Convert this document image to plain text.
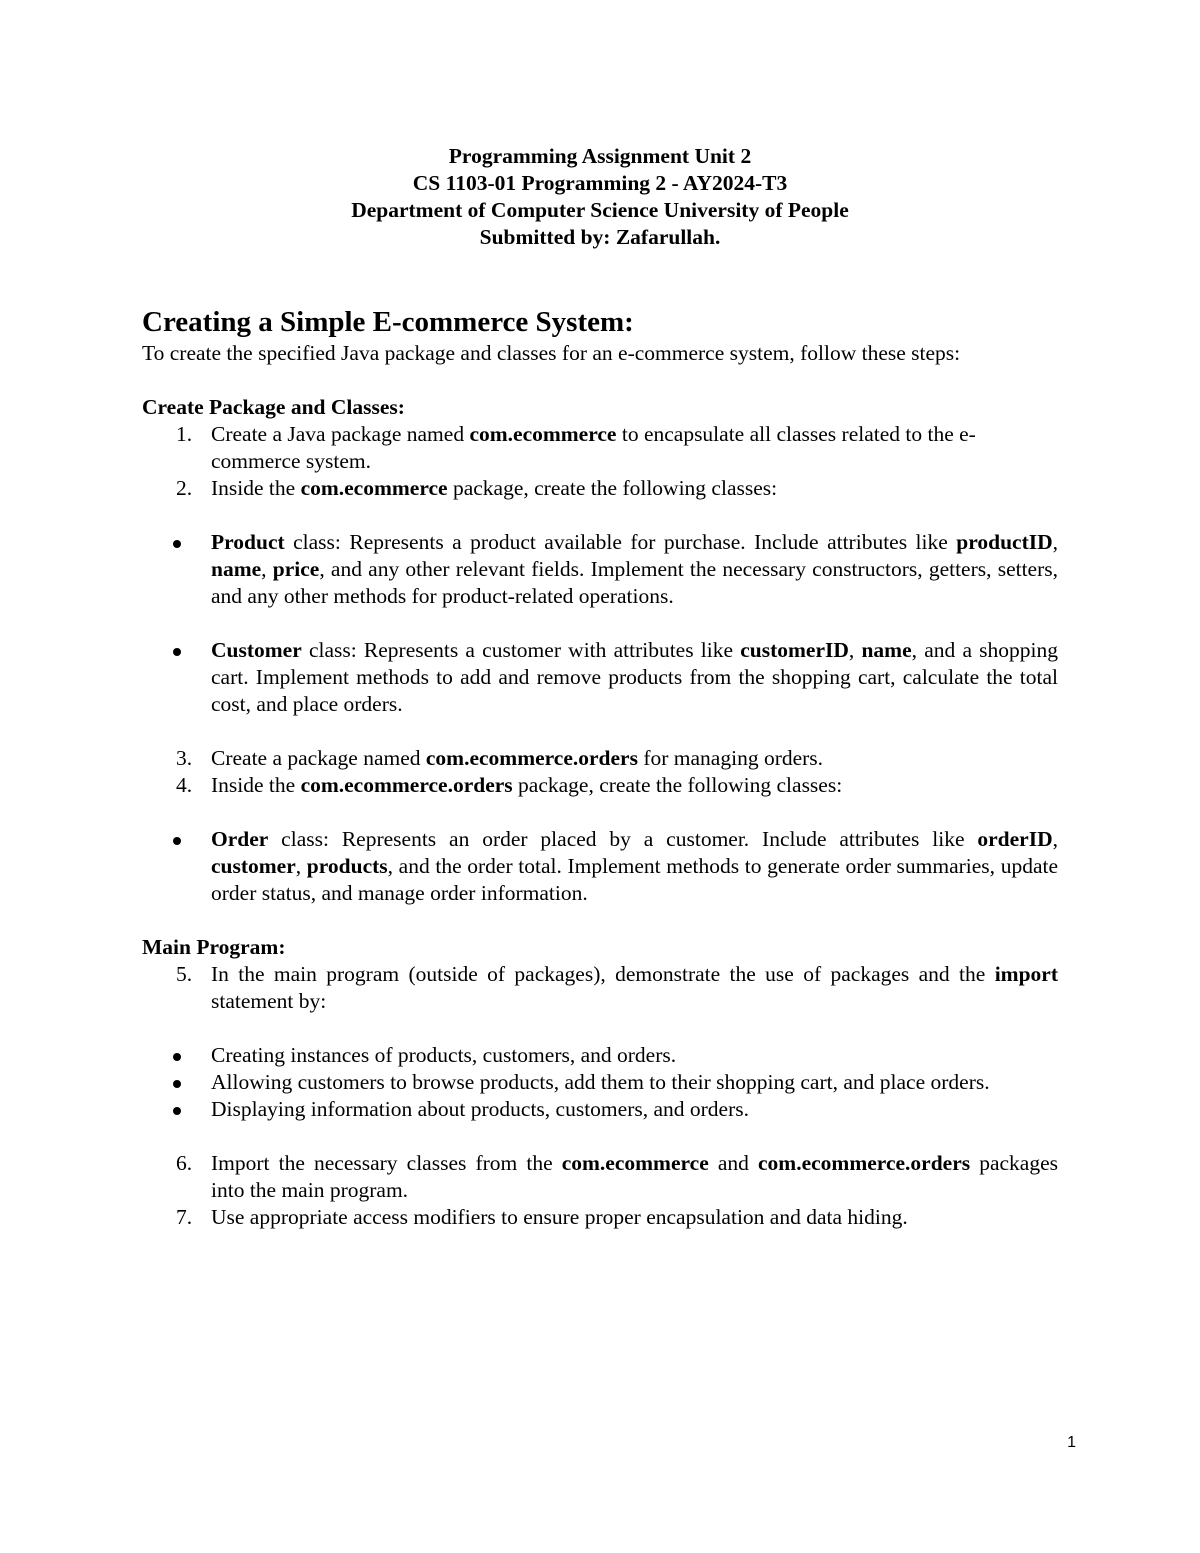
Programming Assignment Unit 2
CS 1103-01 Programming 2 - AY2024-T3
Department of Computer Science University of People
Submitted by: Zafarullah.

Creating a Simple E-commerce System:

To create the specified Java package and classes for an e-commerce system, follow these steps:

Create Package and Classes:

1. Create a Java package named com.ecommerce to encapsulate all classes related to the e-commerce system.
2. Inside the com.ecommerce package, create the following classes:
Product class: Represents a product available for purchase. Include attributes like productID, name, price, and any other relevant fields. Implement the necessary constructors, getters, setters, and any other methods for product-related operations.
Customer class: Represents a customer with attributes like customerID, name, and a shopping cart. Implement methods to add and remove products from the shopping cart, calculate the total cost, and place orders.
3. Create a package named com.ecommerce.orders for managing orders.
4. Inside the com.ecommerce.orders package, create the following classes:
Order class: Represents an order placed by a customer. Include attributes like orderID, customer, products, and the order total. Implement methods to generate order summaries, update order status, and manage order information.

Main Program:

5. In the main program (outside of packages), demonstrate the use of packages and the import statement by:
Creating instances of products, customers, and orders.
Allowing customers to browse products, add them to their shopping cart, and place orders.
Displaying information about products, customers, and orders.
6. Import the necessary classes from the com.ecommerce and com.ecommerce.orders packages into the main program.
7. Use appropriate access modifiers to ensure proper encapsulation and data hiding.
1
